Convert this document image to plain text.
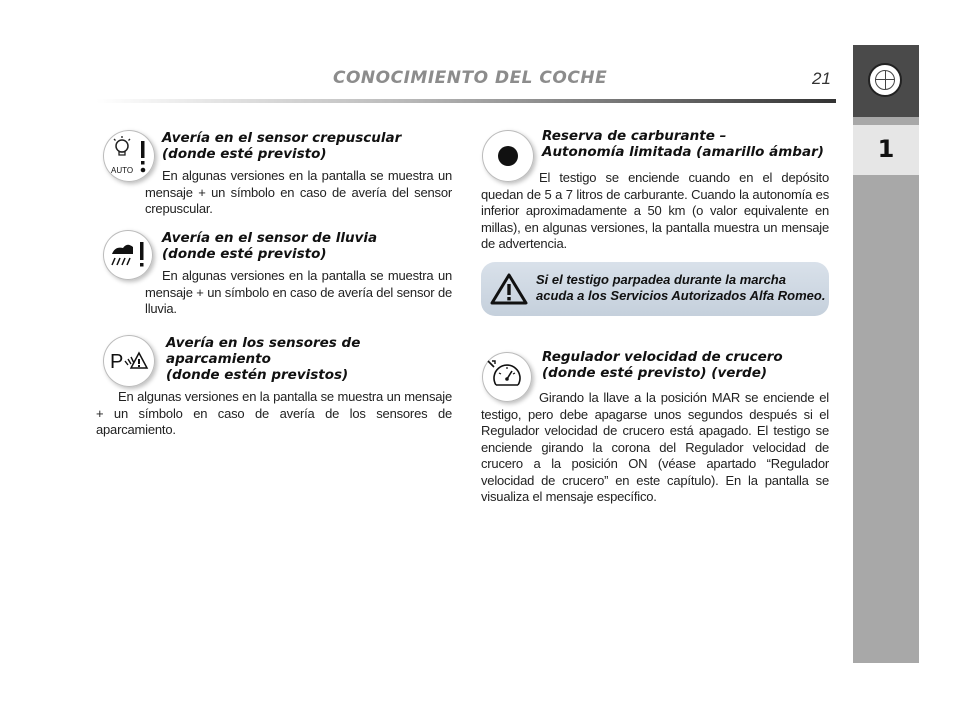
CONOCIMIENTO DEL COCHE	21
1
AUTO
Avería en el sensor crepuscular
(donde esté previsto)

En algunas versiones en la pantalla se muestra un mensaje + un símbolo en caso de avería del sensor crepuscular.

Avería en el sensor de lluvia
(donde esté previsto)

En algunas versiones en la pantalla se muestra un mensaje + un símbolo en caso de avería del sensor de lluvia.

P
Avería en los sensores de
aparcamiento
(donde estén previstos)

En algunas versiones en la pantalla se muestra un mensaje + un símbolo en caso de avería de los sensores de aparcamiento.

Reserva de carburante –
Autonomía limitada (amarillo ámbar)

El testigo se enciende cuando en el depósito quedan de 5 a 7 litros de carburante. Cuando la autonomía es inferior aproximadamente a 50 km (o valor equivalente en millas), en algunas versiones, la pantalla muestra un mensaje de advertencia.

Si el testigo parpadea durante la marcha acuda a los Servicios Autorizados Alfa Romeo.
Regulador velocidad de crucero
(donde esté previsto) (verde)

Girando la llave a la posición MAR se enciende el testigo, pero debe apagarse unos segundos después si el Regulador velocidad de crucero está apagado. El testigo se enciende girando la corona del Regulador velocidad de crucero a la posición ON (véase apartado “Regulador velocidad de crucero” en este capítulo). En la pantalla se visualiza el mensaje específico.
